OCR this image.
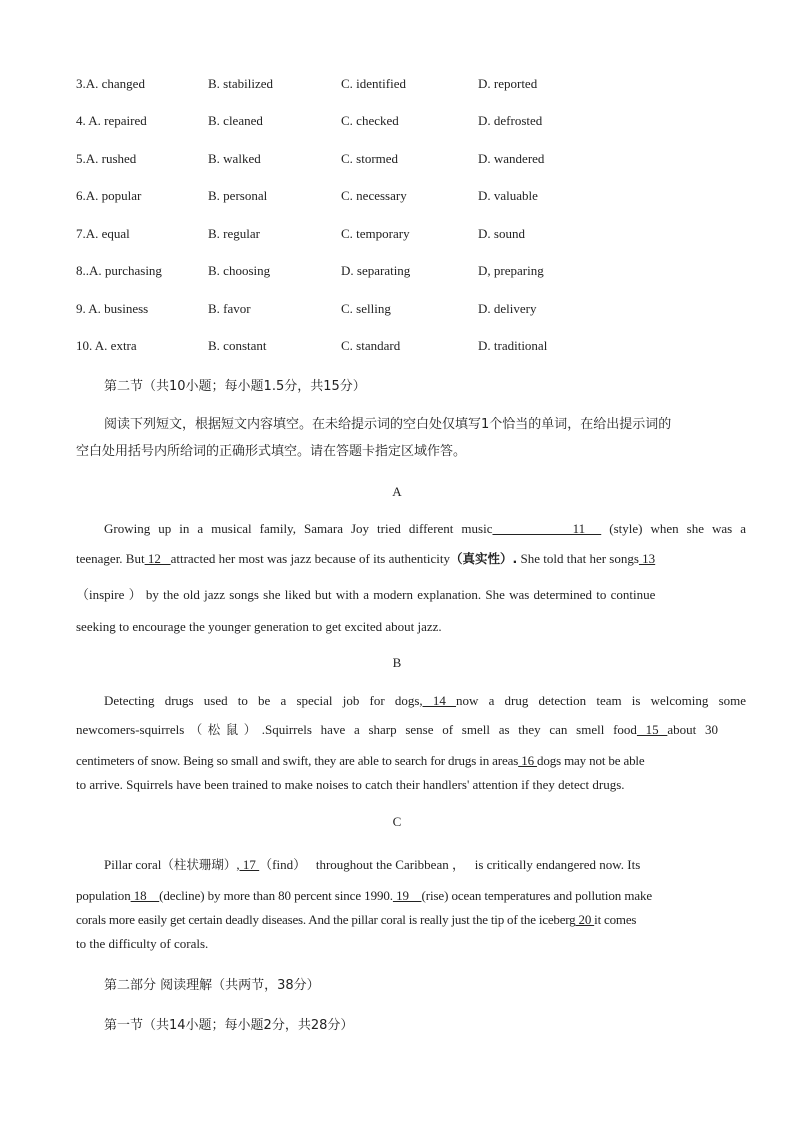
3.A. changed	B. stabilized	C. identified	D. reported
4. A. repaired	B. cleaned	C. checked	D. defrosted
5.A. rushed	B. walked	C. stormed	D. wandered
6.A. popular	B. personal	C. necessary	D. valuable
7.A. equal	B. regular	C. temporary	D. sound
8..A. purchasing	B. choosing	D. separating	D, preparing
9. A. business	B. favor	C. selling	D. delivery
10. A. extra	B. constant	C. standard	D. traditional
第二节（共10小题；每小题1.5分，共15分）
阅读下列短文，根据短文内容填空。在未给提示词的空白处仅填写1个恰当的单词，在给出提示词的
空白处用括号内所给词的正确形式填空。请在答题卡指定区域作答。
A
Growing up in a musical family, Samara Joy tried different music          11   (style) when she was a
teenager. But 12   attracted her most was jazz because of its authenticity（真实性）. She told that her songs 13
（inspire ） by the old jazz songs she liked but with a modern explanation. She was determined to continue
seeking to encourage the younger generation to get excited about jazz.
B
Detecting drugs used to be a special job for dogs, 14 now a drug detection team is welcoming some
newcomers-squirrels（松鼠）.Squirrels have a sharp sense of smell as they can smell food 15 about 30
centimeters of snow. Being so small and swift, they are able to search for drugs in areas 16 dogs may not be able
to arrive. Squirrels have been trained to make noises to catch their handlers' attention if they detect drugs.
C
Pillar coral（柱状珊瑚）, 17 （find）   throughout the Caribbean ，   is critically endangered now. Its
population 18    (decline) by more than 80 percent since 1990. 19    (rise) ocean temperatures and pollution make
corals more easily get certain deadly diseases. And the pillar coral is really just the tip of the iceberg 20 it comes
to the difficulty of corals.
第二部分 阅读理解（共两节，38分）
第一节（共14小题；每小题2分，共28分）
